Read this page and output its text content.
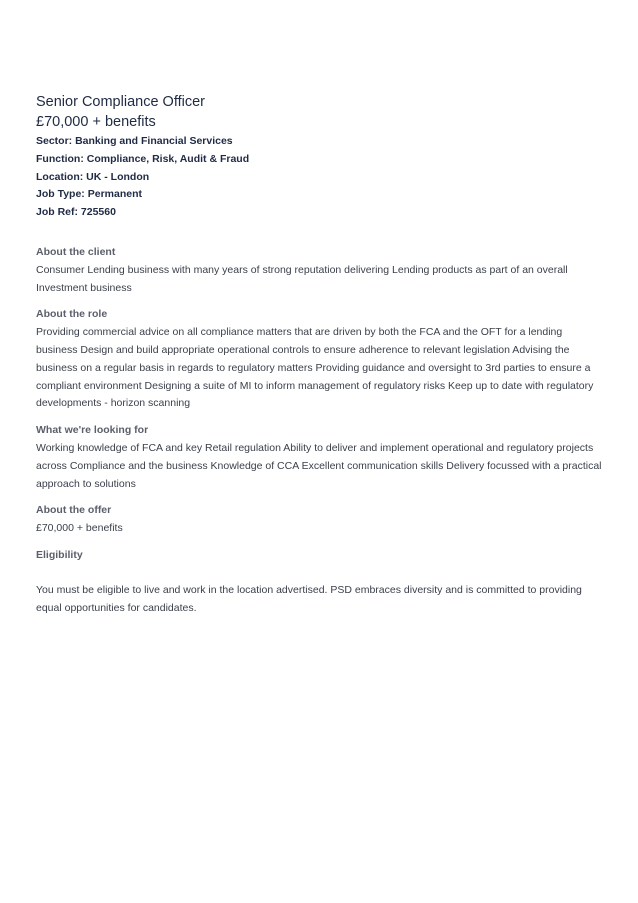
Senior Compliance Officer
£70,000 + benefits
Sector: Banking and Financial Services
Function: Compliance, Risk, Audit & Fraud
Location: UK - London
Job Type: Permanent
Job Ref: 725560
About the client

Consumer Lending business with many years of strong reputation delivering Lending products as part of an overall Investment business

About the role

Providing commercial advice on all compliance matters that are driven by both the FCA and the OFT for a lending business Design and build appropriate operational controls to ensure adherence to relevant legislation Advising the business on a regular basis in regards to regulatory matters Providing guidance and oversight to 3rd parties to ensure a compliant environment Designing a suite of MI to inform management of regulatory risks Keep up to date with regulatory developments - horizon scanning

What we're looking for

Working knowledge of FCA and key Retail regulation Ability to deliver and implement operational and regulatory projects across Compliance and the business Knowledge of CCA Excellent communication skills Delivery focussed with a practical approach to solutions

About the offer

£70,000 + benefits

Eligibility

You must be eligible to live and work in the location advertised. PSD embraces diversity and is committed to providing equal opportunities for candidates.
